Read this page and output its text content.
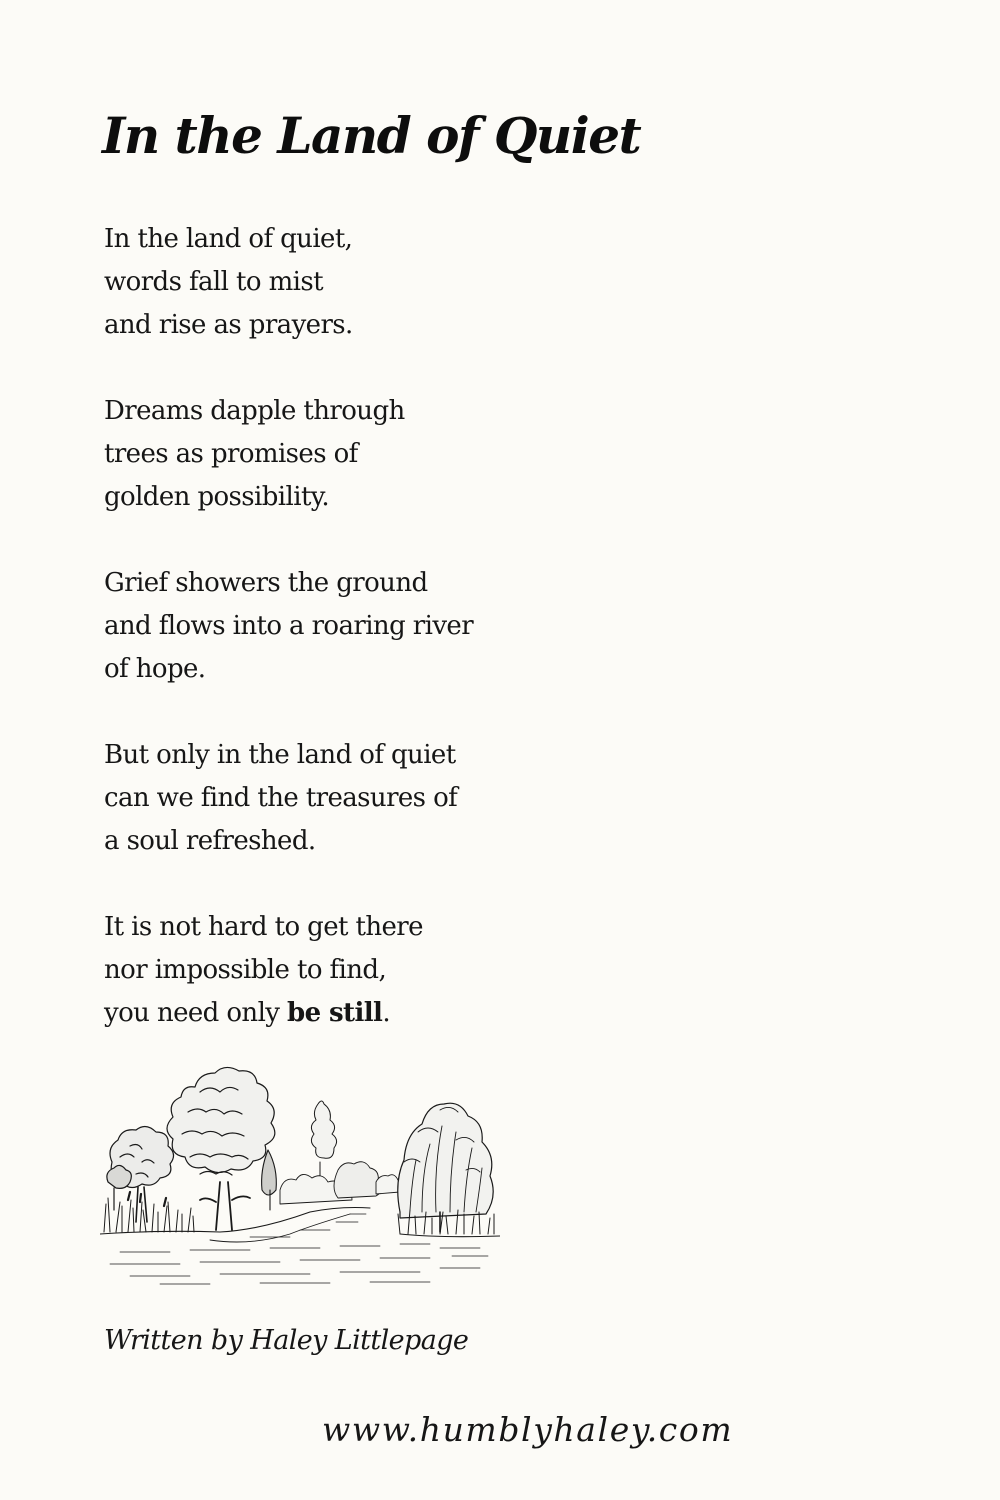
In the Land of Quiet

In the land of quiet,
words fall to mist
and rise as prayers.

Dreams dapple through
trees as promises of
golden possibility.

Grief showers the ground
and flows into a roaring river
of hope.

But only in the land of quiet
can we find the treasures of
a soul refreshed.

It is not hard to get there
nor impossible to find,
you need only be still.

Written by Haley Littlepage
www.humblyhaley.com
